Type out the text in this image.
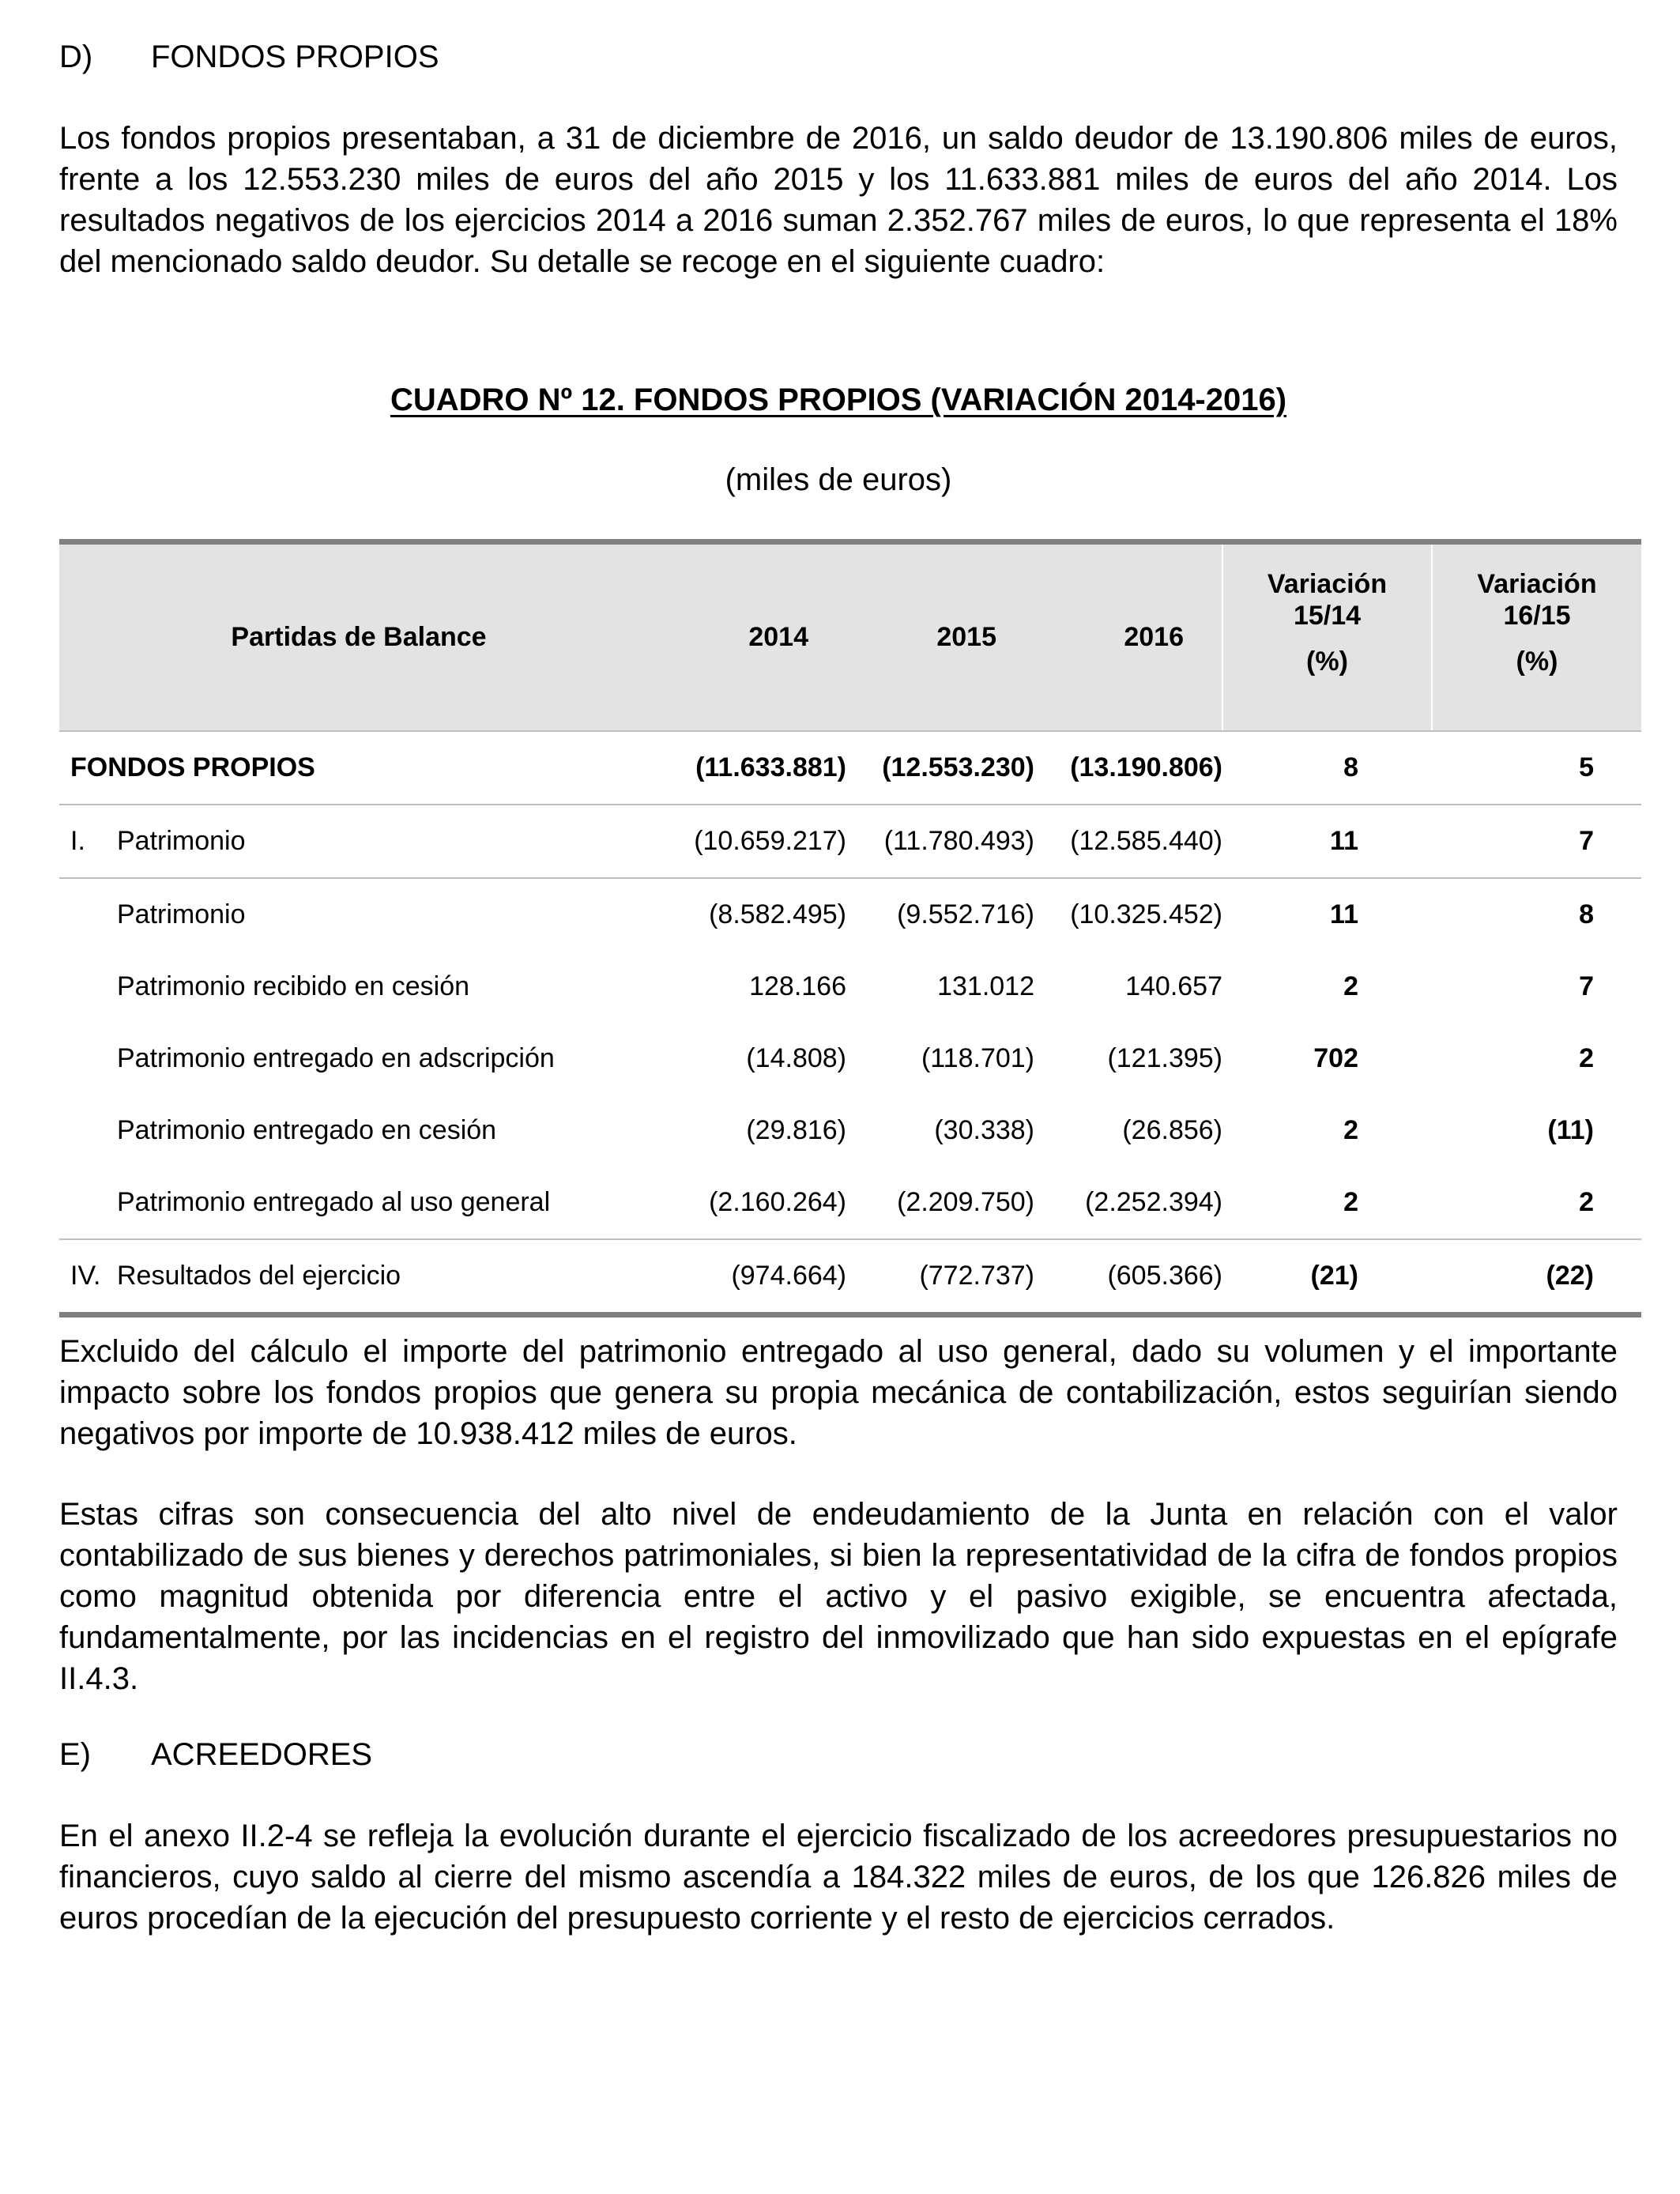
D) FONDOS PROPIOS

Los fondos propios presentaban, a 31 de diciembre de 2016, un saldo deudor de 13.190.806 miles de euros, frente a los 12.553.230 miles de euros del año 2015 y los 11.633.881 miles de euros del año 2014. Los resultados negativos de los ejercicios 2014 a 2016 suman 2.352.767 miles de euros, lo que representa el 18% del mencionado saldo deudor. Su detalle se recoge en el siguiente cuadro:

CUADRO Nº 12. FONDOS PROPIOS (VARIACIÓN 2014-2016)

(miles de euros)

Partidas de Balance	2014	2015	2016	Variación
15/14
(%)	Variación
16/15
(%)

FONDOS PROPIOS	(11.633.881)	(12.553.230)	(13.190.806)	8	5

I. Patrimonio	(10.659.217)	(11.780.493)	(12.585.440)	11	7

Patrimonio	(8.582.495)	(9.552.716)	(10.325.452)	11	8

Patrimonio recibido en cesión	128.166	131.012	140.657	2	7

Patrimonio entregado en adscripción	(14.808)	(118.701)	(121.395)	702	2

Patrimonio entregado en cesión	(29.816)	(30.338)	(26.856)	2	(11)

Patrimonio entregado al uso general	(2.160.264)	(2.209.750)	(2.252.394)	2	2

IV. Resultados del ejercicio	(974.664)	(772.737)	(605.366)	(21)	(22)

Excluido del cálculo el importe del patrimonio entregado al uso general, dado su volumen y el importante impacto sobre los fondos propios que genera su propia mecánica de contabilización, estos seguirían siendo negativos por importe de 10.938.412 miles de euros.

Estas cifras son consecuencia del alto nivel de endeudamiento de la Junta en relación con el valor contabilizado de sus bienes y derechos patrimoniales, si bien la representatividad de la cifra de fondos propios como magnitud obtenida por diferencia entre el activo y el pasivo exigible, se encuentra afectada, fundamentalmente, por las incidencias en el registro del inmovilizado que han sido expuestas en el epígrafe II.4.3.

E) ACREEDORES

En el anexo II.2-4 se refleja la evolución durante el ejercicio fiscalizado de los acreedores presupuestarios no financieros, cuyo saldo al cierre del mismo ascendía a 184.322 miles de euros, de los que 126.826 miles de euros procedían de la ejecución del presupuesto corriente y el resto de ejercicios cerrados.
